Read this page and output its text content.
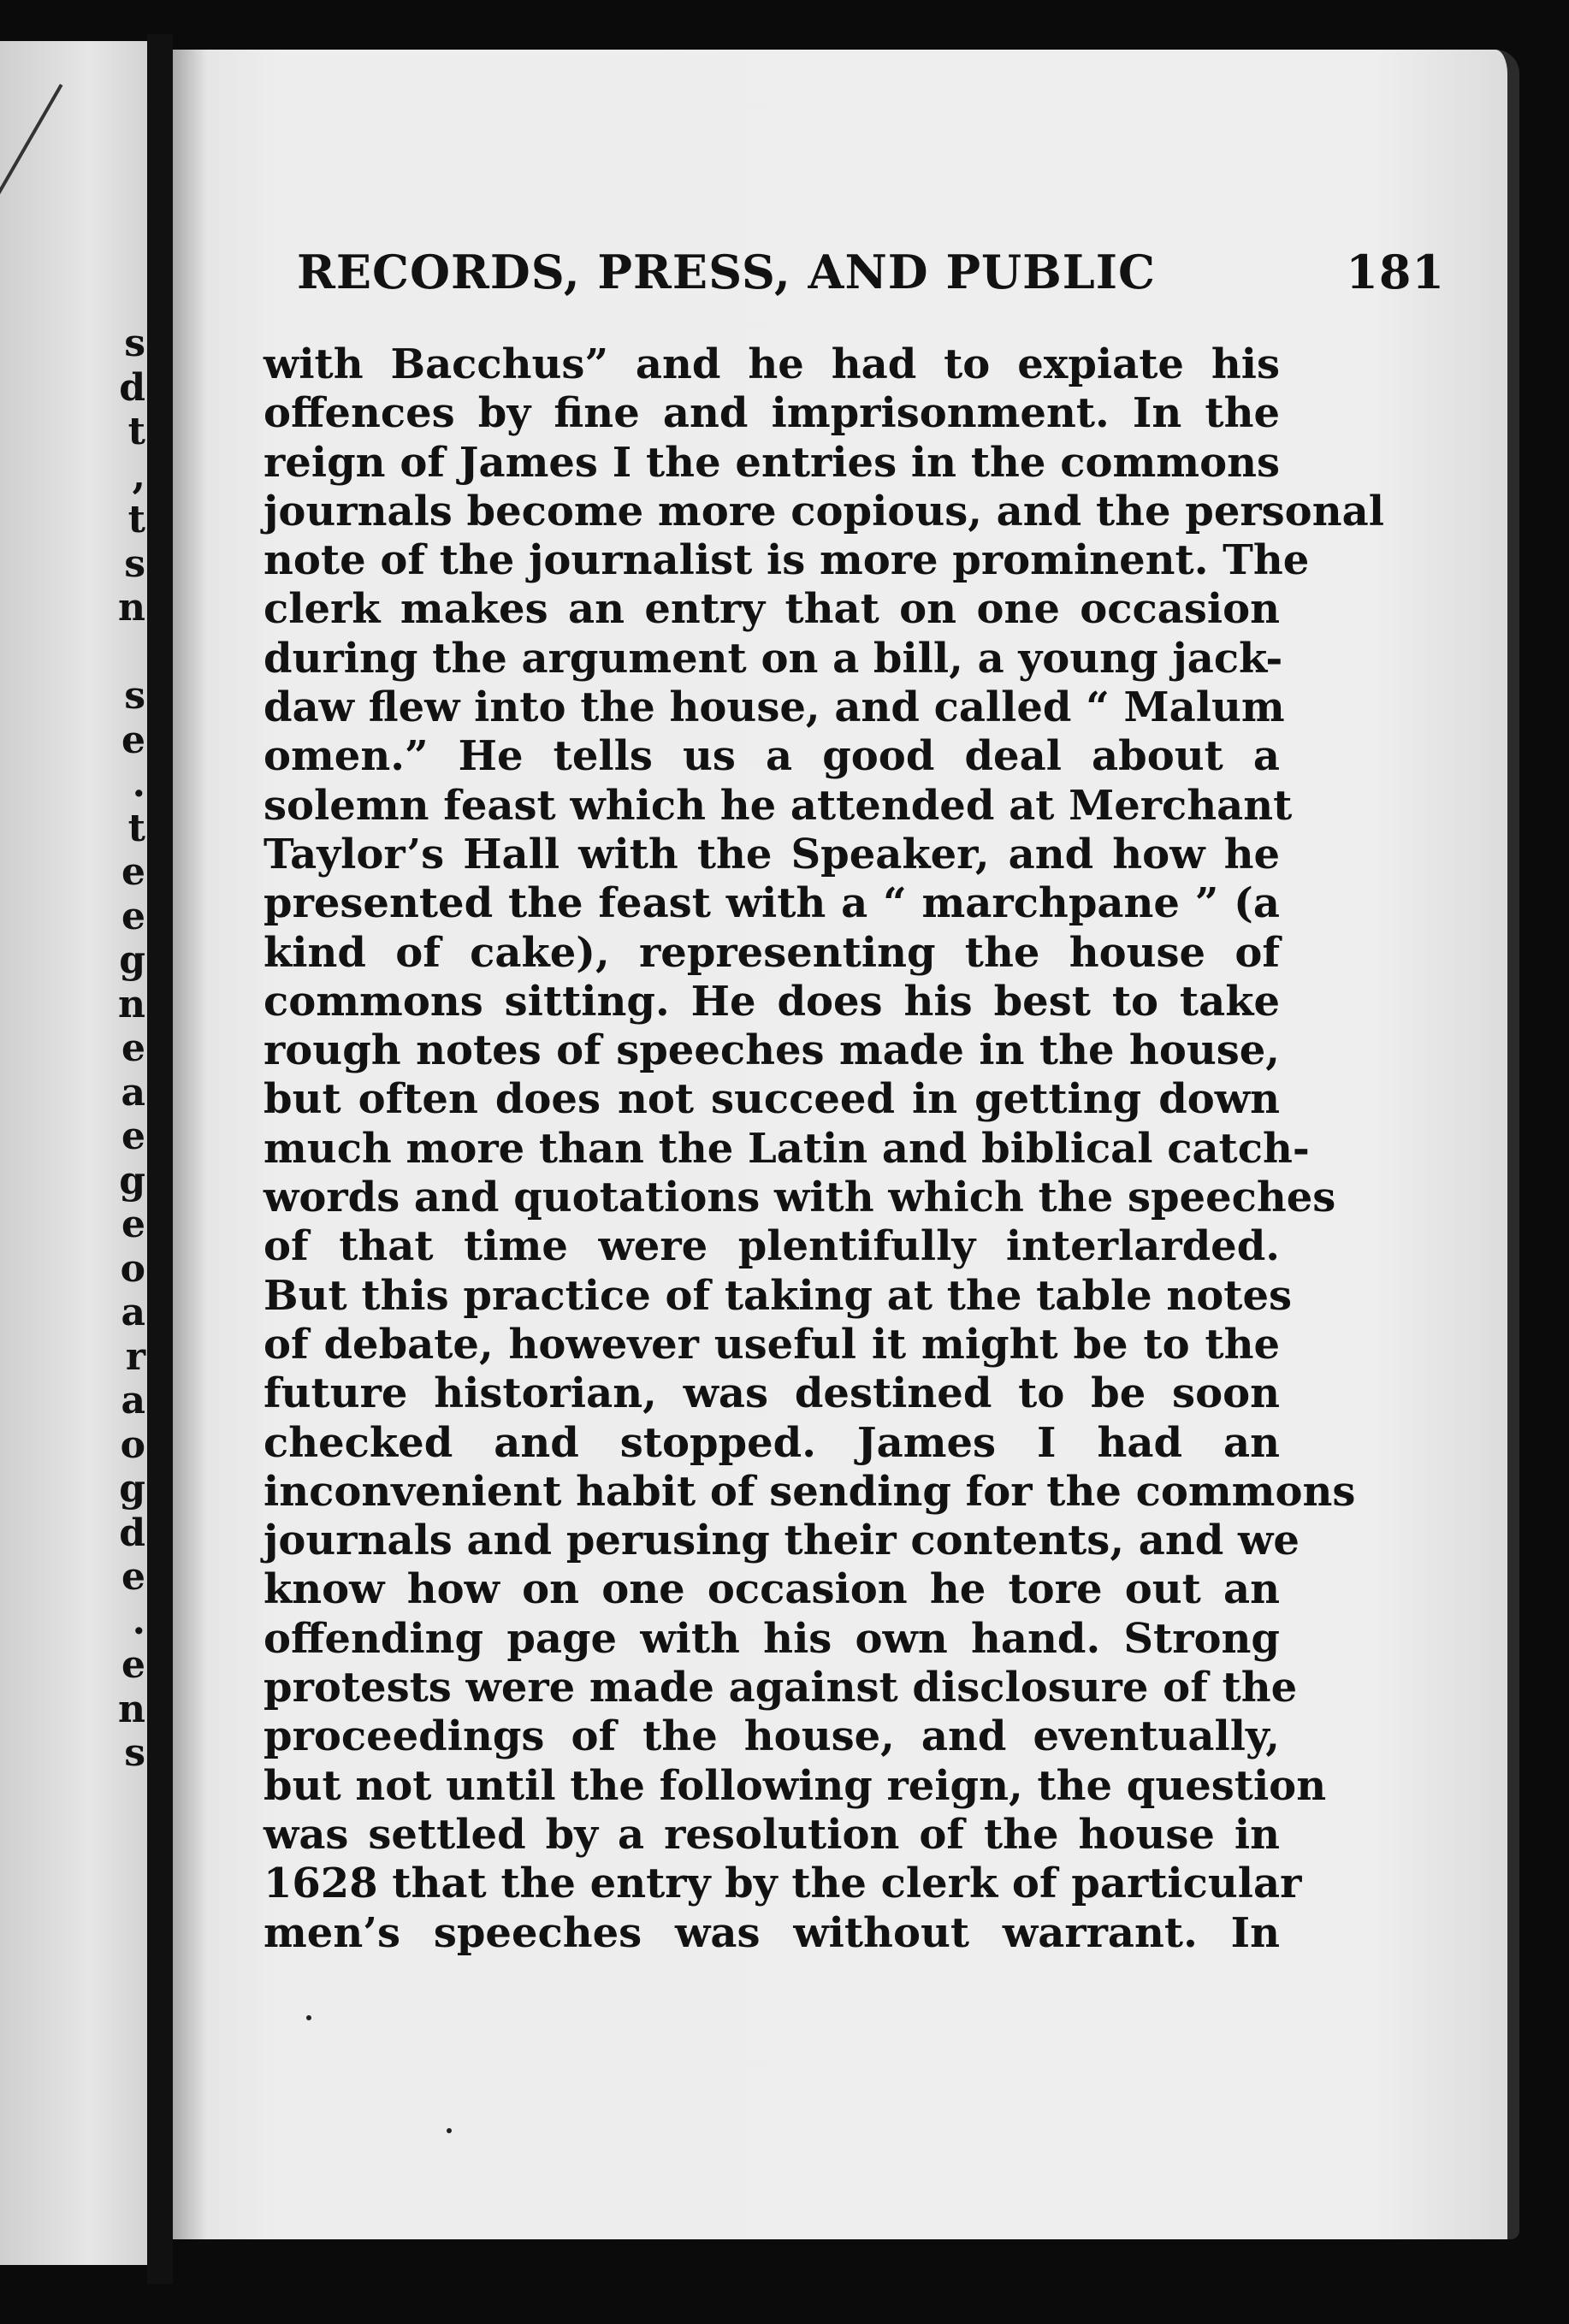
s
d
t
,
t
s
n
s
e
.
t
e
e
g
n
e
a
e
g
e
o
a
r
a
o
g
d
e
.
e
n
s
RECORDS, PRESS, AND PUBLIC	181
with Bacchus” and he had to expiate his
offences by fine and imprisonment. In the
reign of James I the entries in the commons
journals become more copious, and the personal
note of the journalist is more prominent. The
clerk makes an entry that on one occasion
during the argument on a bill, a young jack-
daw flew into the house, and called “ Malum
omen.” He tells us a good deal about a
solemn feast which he attended at Merchant
Taylor’s Hall with the Speaker, and how he
presented the feast with a “ marchpane ” (a
kind of cake), representing the house of
commons sitting. He does his best to take
rough notes of speeches made in the house,
but often does not succeed in getting down
much more than the Latin and biblical catch-
words and quotations with which the speeches
of that time were plentifully interlarded.
But this practice of taking at the table notes
of debate, however useful it might be to the
future historian, was destined to be soon
checked and stopped. James I had an
inconvenient habit of sending for the commons
journals and perusing their contents, and we
know how on one occasion he tore out an
offending page with his own hand. Strong
protests were made against disclosure of the
proceedings of the house, and eventually,
but not until the following reign, the question
was settled by a resolution of the house in
1628 that the entry by the clerk of particular
men’s speeches was without warrant. In
